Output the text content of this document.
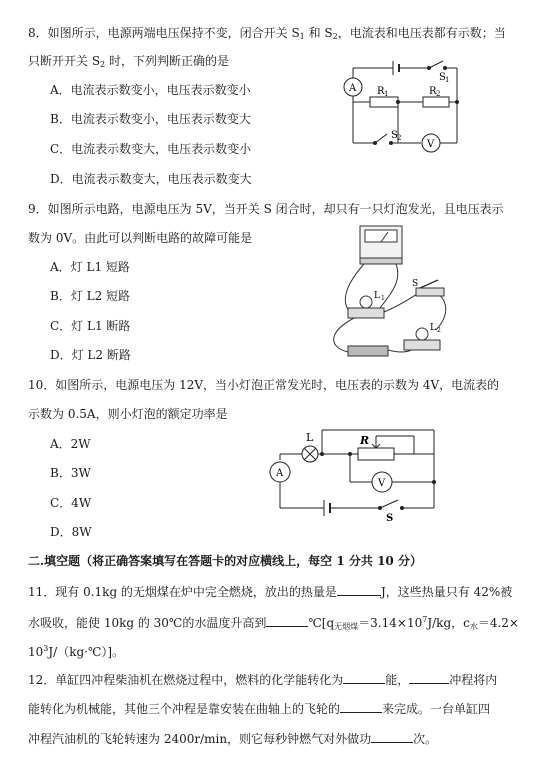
8．如图所示，电源两端电压保持不变，闭合开关 $S_1$ 和 $S_2$，电流表和电压表都有示数；当
只断开开关 $S_2$ 时，下列判断正确的是
A．电流表示数变小，电压表示数变小
B．电流表示数变小，电压表示数变大
C．电流表示数变大，电压表示数变小
D．电流表示数变大，电压表示数变大
A
V
R 1	R 2
S 1
S 2
9．如图所示电路，电源电压为 5V，当开关 S 闭合时，却只有一只灯泡发光，且电压表示
数为 0V。由此可以判断电路的故障可能是
A．灯 L1 短路
B．灯 L2 短路
C．灯 L1 断路
D．灯 L2 断路
L 1
S
L 2
10．如图所示，电源电压为 12V，当小灯泡正常发光时，电压表的示数为 4V，电流表的
示数为 0.5A，则小灯泡的额定功率是
A．2W
B．3W
C．4W
D．8W
L	R
A
V
S
二.填空题（将正确答案填写在答题卡的对应横线上，每空 1 分共 10 分）
11．现有 0.1kg 的无烟煤在炉中完全燃烧，放出的热量是	J，这些热量只有 42%被
水吸收，能使 10kg 的 30℃的水温度升高到	$℃[q_{无烟煤}=3.14\times 10^7J/kg$，$c_水=4.2\times$
$10^3J/(kg\cdot℃)$]。
12．单缸四冲程柴油机在燃烧过程中，燃料的化学能转化为	能，	冲程将内
能转化为机械能，其他三个冲程是靠安装在曲轴上的飞轮的	来完成。一台单缸四
冲程汽油机的飞轮转速为 2400r/min，则它每秒钟燃气对外做功	次。
